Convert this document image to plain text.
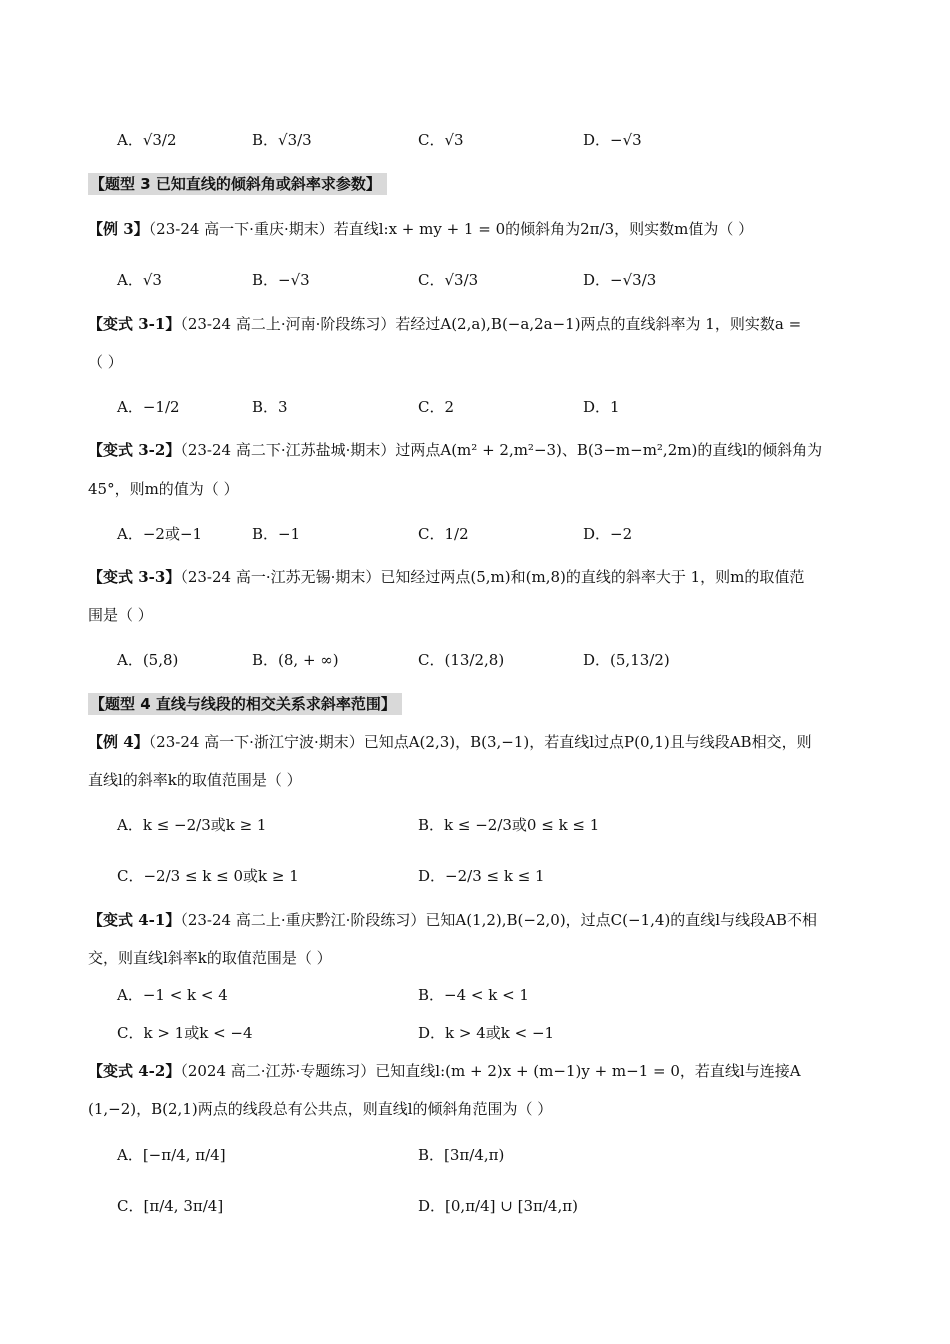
A．√3/2	B．√3/3	C．√3	D．−√3
【题型 3 已知直线的倾斜角或斜率求参数】
【例 3】（23-24 高一下·重庆·期末）若直线l:x + my + 1 = 0的倾斜角为2π/3，则实数m值为（ ）
A．√3	B．−√3	C．√3/3	D．−√3/3
【变式 3-1】（23-24 高二上·河南·阶段练习）若经过A(2,a),B(−a,2a−1)两点的直线斜率为 1，则实数a =
（ ）
A．−1/2	B．3	C．2	D．1
【变式 3-2】（23-24 高二下·江苏盐城·期末）过两点A(m² + 2,m²−3)、B(3−m−m²,2m)的直线l的倾斜角为
45°，则m的值为（ ）
A．−2或−1	B．−1	C．1/2	D．−2
【变式 3-3】（23-24 高一·江苏无锡·期末）已知经过两点(5,m)和(m,8)的直线的斜率大于 1，则m的取值范
围是（ ）
A．(5,8)	B．(8, + ∞)	C．(13/2,8)	D．(5,13/2)
【题型 4 直线与线段的相交关系求斜率范围】
【例 4】（23-24 高一下·浙江宁波·期末）已知点A(2,3)，B(3,−1)，若直线l过点P(0,1)且与线段AB相交，则
直线l的斜率k的取值范围是（ ）
A．k ≤ −2/3或k ≥ 1	B．k ≤ −2/3或0 ≤ k ≤ 1
C．−2/3 ≤ k ≤ 0或k ≥ 1	D．−2/3 ≤ k ≤ 1
【变式 4-1】（23-24 高二上·重庆黔江·阶段练习）已知A(1,2),B(−2,0)，过点C(−1,4)的直线l与线段AB不相
交，则直线l斜率k的取值范围是（ ）
A．−1 < k < 4	B．−4 < k < 1
C．k > 1或k < −4	D．k > 4或k < −1
【变式 4-2】（2024 高二·江苏·专题练习）已知直线l:(m + 2)x + (m−1)y + m−1 = 0，若直线l与连接A
(1,−2)，B(2,1)两点的线段总有公共点，则直线l的倾斜角范围为（ ）
A．[−π/4, π/4]	B．[3π/4,π)
C．[π/4, 3π/4]	D．[0,π/4] ∪ [3π/4,π)
